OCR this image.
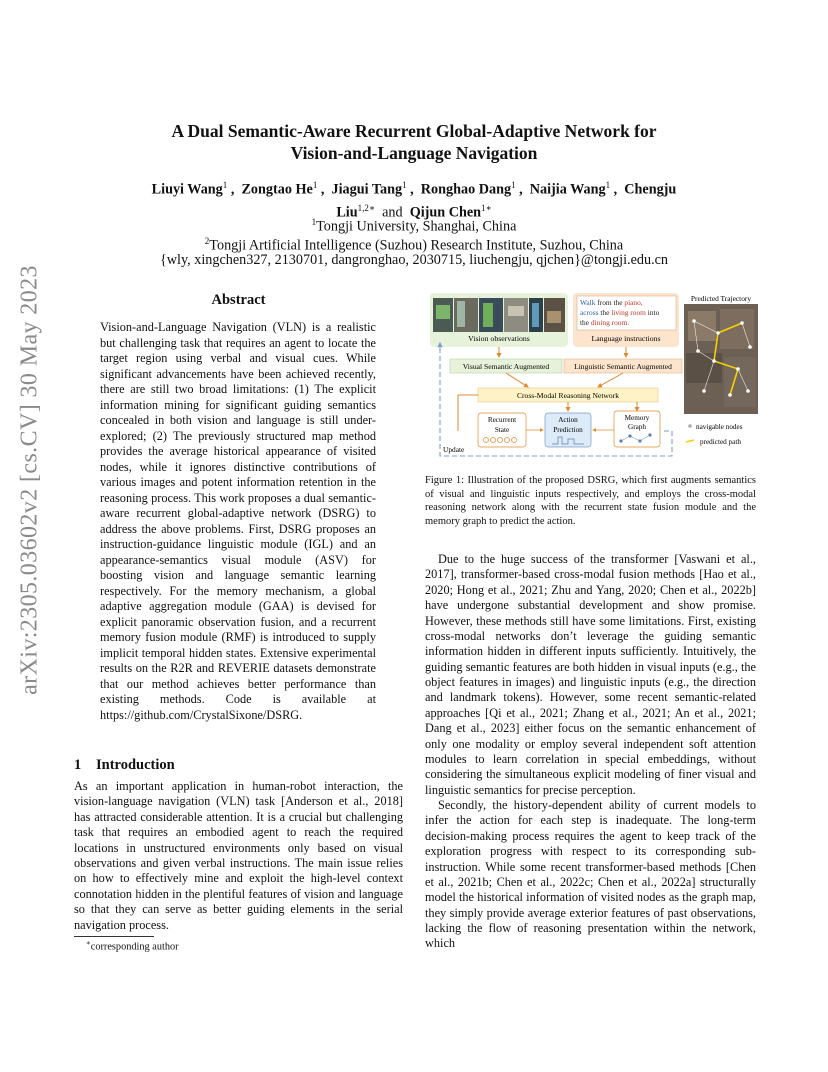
arXiv:2305.03602v2 [cs.CV] 30 May 2023
A Dual Semantic-Aware Recurrent Global-Adaptive Network for
Vision-and-Language Navigation
Liuyi Wang$^1$ ,  Zongtao He$^1$ ,  Jiagui Tang$^1$ ,  Ronghao Dang$^1$ ,  Naijia Wang$^1$ ,  Chengju
Liu$^{1,2∗}$ and Qijun Chen$^{1∗}$
$^1$Tongji University, Shanghai, China
$^2$Tongji Artificial Intelligence (Suzhou) Research Institute, Suzhou, China
{wly, xingchen327, 2130701, dangronghao, 2030715, liuchengju, qjchen}@tongji.edu.cn
Abstract
Vision-and-Language Navigation (VLN) is a realistic but challenging task that requires an agent to locate the target region using verbal and visual cues. While significant advancements have been achieved recently, there are still two broad limitations: (1) The explicit information mining for significant guiding semantics concealed in both vision and language is still under-explored; (2) The previously structured map method provides the average historical appearance of visited nodes, while it ignores distinctive contributions of various images and potent information retention in the reasoning process. This work proposes a dual semantic-aware recurrent global-adaptive network (DSRG) to address the above problems. First, DSRG proposes an instruction-guidance linguistic module (IGL) and an appearance-semantics visual module (ASV) for boosting vision and language semantic learning respectively. For the memory mechanism, a global adaptive aggregation module (GAA) is devised for explicit panoramic observation fusion, and a recurrent memory fusion module (RMF) is introduced to supply implicit temporal hidden states. Extensive experimental results on the R2R and REVERIE datasets demonstrate that our method achieves better performance than existing methods. Code is available at https://github.com/CrystalSixone/DSRG.
1 Introduction
As an important application in human-robot interaction, the vision-language navigation (VLN) task [Anderson et al., 2018] has attracted considerable attention. It is a crucial but challenging task that requires an embodied agent to reach the required locations in unstructured environments only based on visual observations and given verbal instructions. The main issue relies on how to effectively mine and exploit the high-level context connotation hidden in the plentiful features of vision and language so that they can serve as better guiding elements in the serial navigation process.
∗corresponding author
Vision observations
Walk from the piano,
across the living room into
the dining room.
Language instructions
Visual Semantic Augmented	Linguistic Semantic Augmented
Cross-Modal Reasoning Network
Recurrent
State
Action
Prediction
Memory
Graph
Update
Predicted Trajectory
navigable nodes
predicted path
Figure 1: Illustration of the proposed DSRG, which first augments semantics of visual and linguistic inputs respectively, and employs the cross-modal reasoning network along with the recurrent state fusion module and the memory graph to predict the action.

Due to the huge success of the transformer [Vaswani et al., 2017], transformer-based cross-modal fusion methods [Hao et al., 2020; Hong et al., 2021; Zhu and Yang, 2020; Chen et al., 2022b] have undergone substantial development and show promise. However, these methods still have some limitations. First, existing cross-modal networks don’t leverage the guiding semantic information hidden in different inputs sufficiently. Intuitively, the guiding semantic features are both hidden in visual inputs (e.g., the object features in images) and linguistic inputs (e.g., the direction and landmark tokens). However, some recent semantic-related approaches [Qi et al., 2021; Zhang et al., 2021; An et al., 2021; Dang et al., 2023] either focus on the semantic enhancement of only one modality or employ several independent soft attention modules to learn correlation in special embeddings, without considering the simultaneous explicit modeling of finer visual and linguistic semantics for precise perception.

Secondly, the history-dependent ability of current models to infer the action for each step is inadequate. The long-term decision-making process requires the agent to keep track of the exploration progress with respect to its corresponding sub-instruction. While some recent transformer-based methods [Chen et al., 2021b; Chen et al., 2022c; Chen et al., 2022a] structurally model the historical information of visited nodes as the graph map, they simply provide average exterior features of past observations, lacking the flow of reasoning presentation within the network, which
